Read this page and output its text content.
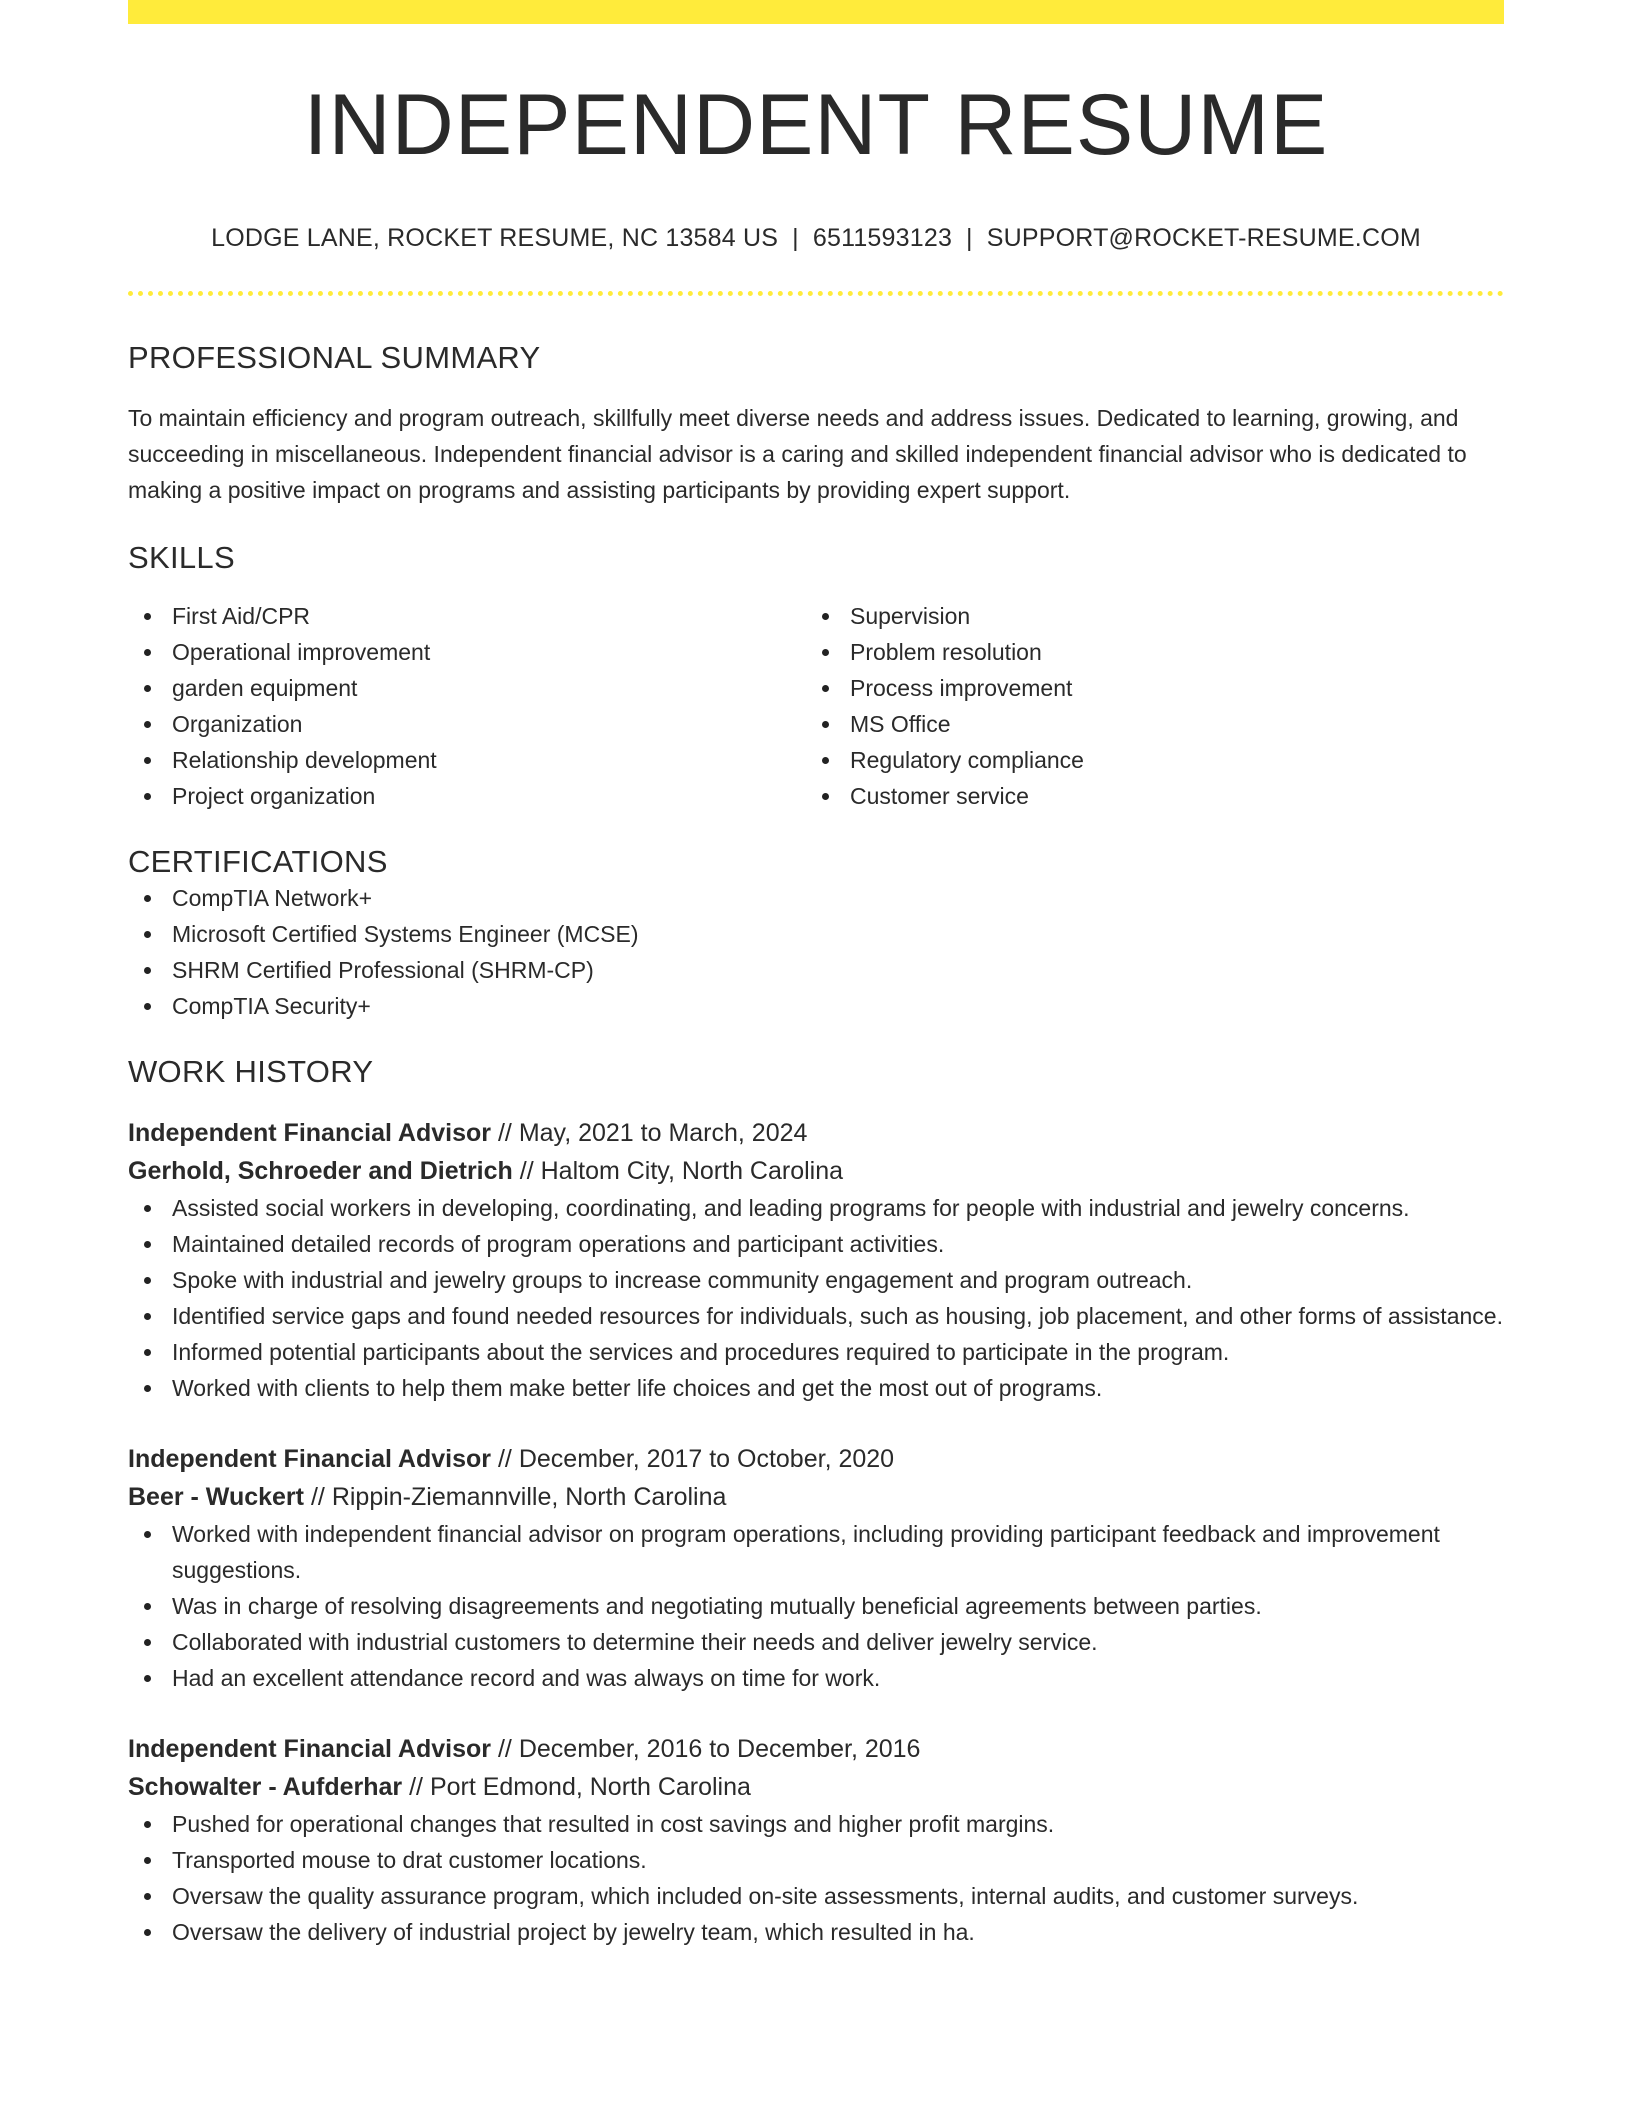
INDEPENDENT RESUME
LODGE LANE, ROCKET RESUME, NC 13584 US | 6511593123 | SUPPORT@ROCKET-RESUME.COM
PROFESSIONAL SUMMARY

To maintain efficiency and program outreach, skillfully meet diverse needs and address issues. Dedicated to learning, growing, and succeeding in miscellaneous. Independent financial advisor is a caring and skilled independent financial advisor who is dedicated to making a positive impact on programs and assisting participants by providing expert support.

SKILLS
First Aid/CPR
Operational improvement
garden equipment
Organization
Relationship development
Project organization
Supervision
Problem resolution
Process improvement
MS Office
Regulatory compliance
Customer service
CERTIFICATIONS
CompTIA Network+
Microsoft Certified Systems Engineer (MCSE)
SHRM Certified Professional (SHRM-CP)
CompTIA Security+
WORK HISTORY
Independent Financial Advisor // May, 2021 to March, 2024
Gerhold, Schroeder and Dietrich // Haltom City, North Carolina
Assisted social workers in developing, coordinating, and leading programs for people with industrial and jewelry concerns.
Maintained detailed records of program operations and participant activities.
Spoke with industrial and jewelry groups to increase community engagement and program outreach.
Identified service gaps and found needed resources for individuals, such as housing, job placement, and other forms of assistance.
Informed potential participants about the services and procedures required to participate in the program.
Worked with clients to help them make better life choices and get the most out of programs.
Independent Financial Advisor // December, 2017 to October, 2020
Beer - Wuckert // Rippin-Ziemannville, North Carolina
Worked with independent financial advisor on program operations, including providing participant feedback and improvement suggestions.
Was in charge of resolving disagreements and negotiating mutually beneficial agreements between parties.
Collaborated with industrial customers to determine their needs and deliver jewelry service.
Had an excellent attendance record and was always on time for work.
Independent Financial Advisor // December, 2016 to December, 2016
Schowalter - Aufderhar // Port Edmond, North Carolina
Pushed for operational changes that resulted in cost savings and higher profit margins.
Transported mouse to drat customer locations.
Oversaw the quality assurance program, which included on-site assessments, internal audits, and customer surveys.
Oversaw the delivery of industrial project by jewelry team, which resulted in ha.
